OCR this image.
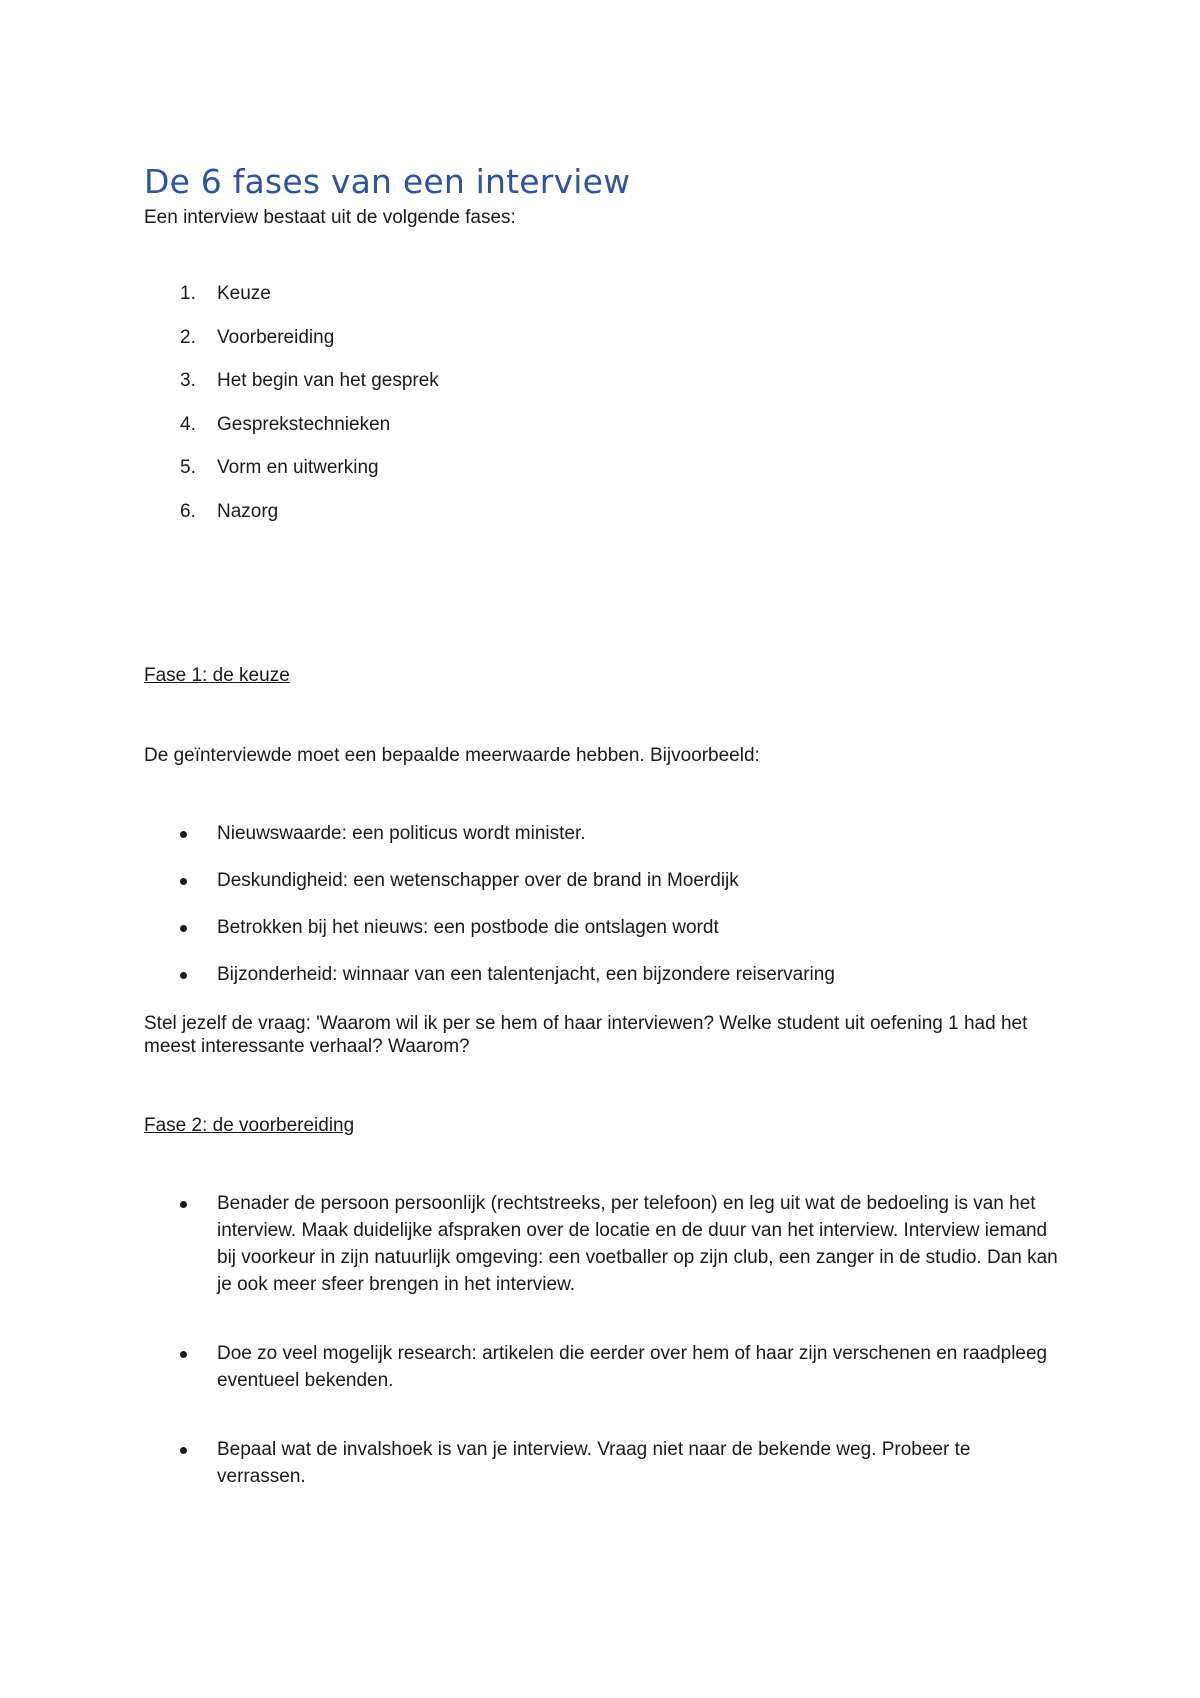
De 6 fases van een interview
Een interview bestaat uit de volgende fases:
1. Keuze
2. Voorbereiding
3. Het begin van het gesprek
4. Gesprekstechnieken
5. Vorm en uitwerking
6. Nazorg
Fase 1: de keuze
De geïnterviewde moet een bepaalde meerwaarde hebben. Bijvoorbeeld:
Nieuwswaarde: een politicus wordt minister.
Deskundigheid: een wetenschapper over de brand in Moerdijk
Betrokken bij het nieuws: een postbode die ontslagen wordt
Bijzonderheid: winnaar van een talentenjacht, een bijzondere reiservaring
Stel jezelf de vraag: 'Waarom wil ik per se hem of haar interviewen? Welke student uit oefening 1 had het meest interessante verhaal? Waarom?
Fase 2: de voorbereiding
Benader de persoon persoonlijk (rechtstreeks, per telefoon) en leg uit wat de bedoeling is van het interview. Maak duidelijke afspraken over de locatie en de duur van het interview. Interview iemand bij voorkeur in zijn natuurlijk omgeving: een voetballer op zijn club, een zanger in de studio. Dan kan je ook meer sfeer brengen in het interview.
Doe zo veel mogelijk research: artikelen die eerder over hem of haar zijn verschenen en raadpleeg eventueel bekenden.
Bepaal wat de invalshoek is van je interview. Vraag niet naar de bekende weg. Probeer te verrassen.
